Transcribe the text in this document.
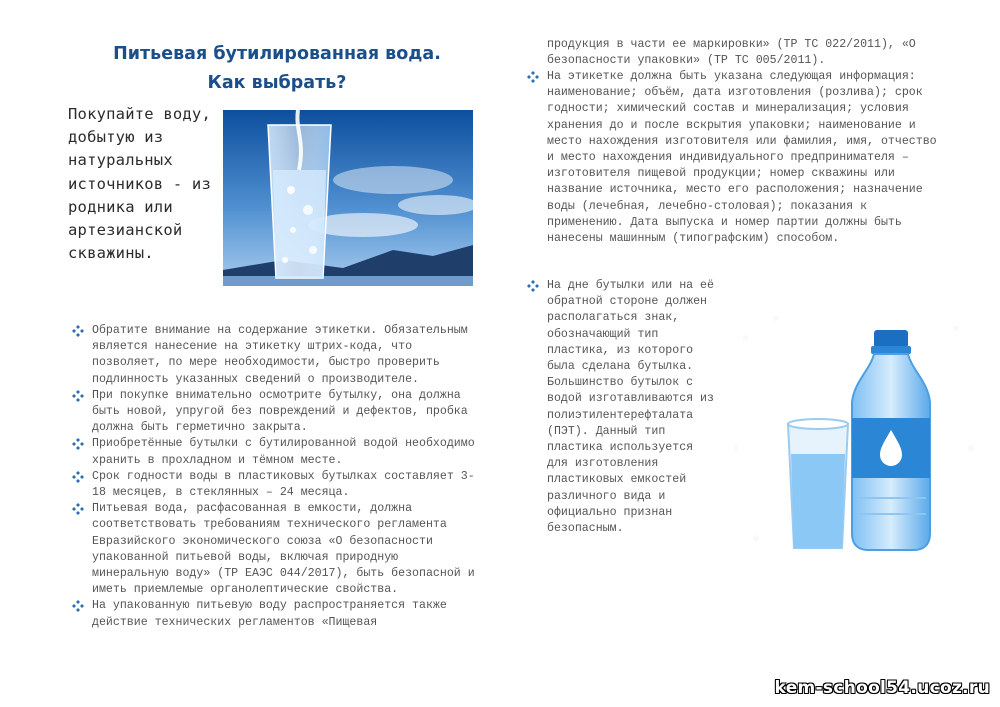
Питьевая бутилированная вода.
Как выбрать?
Покупайте воду, добытую из натуральных источников - из родника или артезианской скважины.
Обратите внимание на содержание этикетки. Обязательным является нанесение на этикетку штрих-кода, что позволяет, по мере необходимости, быстро проверить подлинность указанных сведений о производителе.
При покупке внимательно осмотрите бутылку, она должна быть новой, упругой без повреждений и дефектов, пробка должна быть герметично закрыта.
Приобретённые бутылки с бутилированной водой необходимо хранить в прохладном и тёмном месте.
Срок годности воды в пластиковых бутылках составляет 3-18 месяцев, в стеклянных – 24 месяца.
Питьевая вода, расфасованная в емкости, должна соответствовать требованиям технического регламента Евразийского экономического союза «О безопасности упакованной питьевой воды, включая природную минеральную воду» (ТР ЕАЭС 044/2017), быть безопасной и иметь приемлемые органолептические свойства.
На упакованную питьевую воду распространяется также действие технических регламентов «Пищевая

продукция в части ее маркировки» (ТР ТС 022/2011), «О безопасности упаковки» (ТР ТС 005/2011).

На этикетке должна быть указана следующая информация: наименование; объём, дата изготовления (розлива); срок годности; химический состав и минерализация; условия хранения до и после вскрытия упаковки; наименование и место нахождения изготовителя или фамилия, имя, отчество и место нахождения индивидуального предпринимателя – изготовителя пищевой продукции; номер скважины или название источника, место его расположения; назначение воды (лечебная, лечебно-столовая); показания к применению. Дата выпуска и номер партии должны быть нанесены машинным (типографским) способом.
На дне бутылки или на её обратной стороне должен располагаться знак, обозначающий тип пластика, из которого была сделана бутылка. Большинство бутылок с водой изготавливаются из полиэтилентерефталата (ПЭТ). Данный тип пластика используется для изготовления пластиковых емкостей различного вида и официально признан безопасным.
kem-school54.ucoz.ru
